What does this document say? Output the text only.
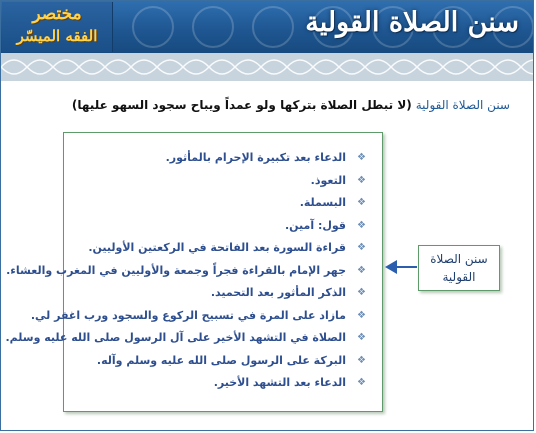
سنن الصلاة القولية
مختصر
الفقه الميسّر
سنن الصلاة القولية(لا تبطل الصلاة بتركها ولو عمداً ويباح سجود السهو عليها)
❖
الدعاء بعد تكبيرة الإحرام بالمأثور.
❖
التعوذ.
❖
البسملة.
❖
قول: آمين.
❖
قراءة السورة بعد الفاتحة في الركعتين الأوليين.
❖
جهر الإمام بالقراءة فجراً وجمعة والأوليين في المغرب والعشاء.
❖
الذكر المأثور بعد التحميد.
❖
مازاد على المرة في تسبيح الركوع والسجود ورب اغفر لي.
❖
الصلاة في التشهد الأخير على آل الرسول صلى الله عليه وسلم.
❖
البركة على الرسول صلى الله عليه وسلم وآله.
❖
الدعاء بعد التشهد الأخير.
سنن الصلاة
القولية
